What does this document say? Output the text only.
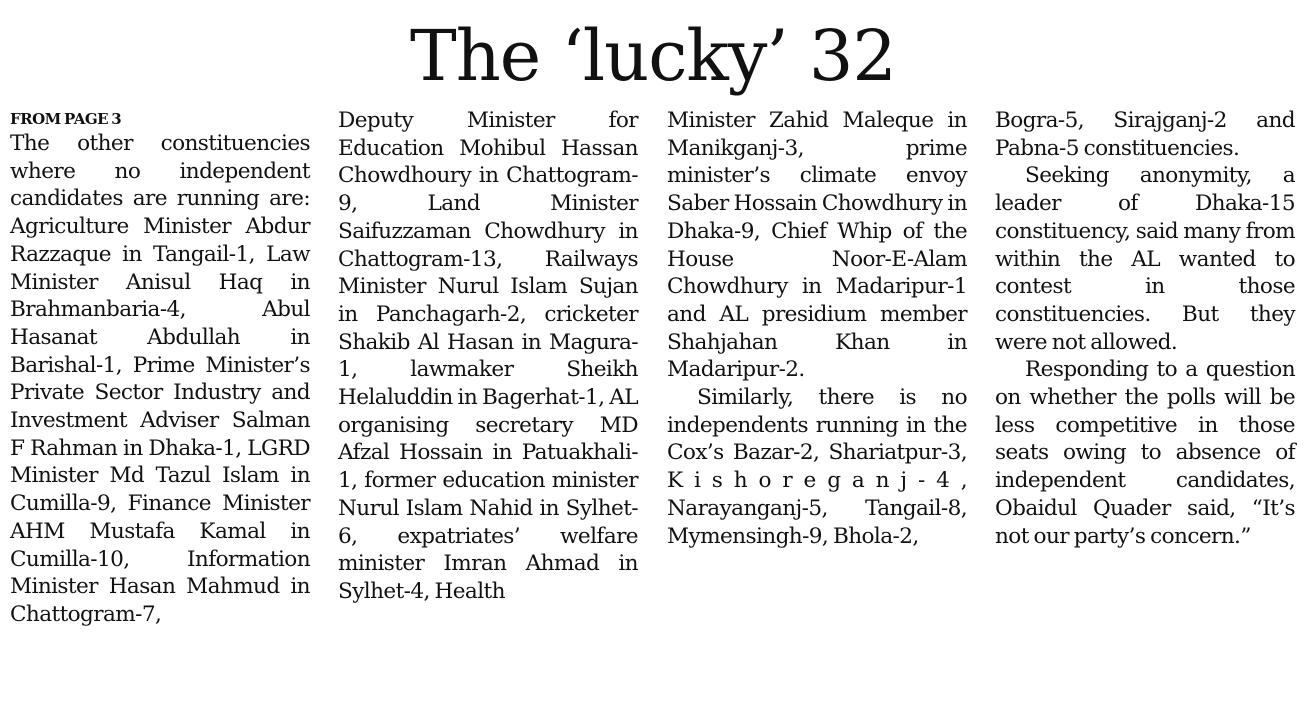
The ‘lucky’ 32
FROM PAGE 3

The other constituencies where no independent candidates are running are: Agriculture Minister Abdur Razzaque in Tangail-1, Law Minister Anisul Haq in Brahmanbaria-4, Abul Hasanat Abdullah in Barishal-1, Prime Minister’s Private Sector Industry and Investment Adviser Salman F Rahman in Dhaka-1, LGRD Minister Md Tazul Islam in Cumilla-9, Finance Minister AHM Mustafa Kamal in Cumilla-10, Information Minister Hasan Mahmud in Chattogram-7,

Deputy Minister for Education Mohibul Hassan Chowdhoury in Chattogram-9, Land Minister Saifuzzaman Chowdhury in Chattogram-13, Railways Minister Nurul Islam Sujan in Panchagarh-2, cricketer Shakib Al Hasan in Magura-1, lawmaker Sheikh Helaluddin in Bagerhat-1, AL organising secretary MD Afzal Hossain in Patuakhali-1, former education minister Nurul Islam Nahid in Sylhet-6, expatriates’ welfare minister Imran Ahmad in Sylhet-4, Health

Minister Zahid Maleque in Manikganj-3, prime minister’s climate envoy Saber Hossain Chowdhury in Dhaka-9, Chief Whip of the House Noor-E-Alam Chowdhury in Madaripur-1 and AL presidium member Shahjahan Khan in Madaripur-2.

Similarly, there is no independents running in the Cox’s Bazar-2, Shariatpur-3, K i s h o r e g a n j - 4 , Narayanganj-5, Tangail-8, Mymensingh-9, Bhola-2,

Bogra-5, Sirajganj-2 and Pabna-5 constituencies.

Seeking anonymity, a leader of Dhaka-15 constituency, said many from within the AL wanted to contest in those constituencies. But they were not allowed.

Responding to a question on whether the polls will be less competitive in those seats owing to absence of independent candidates, Obaidul Quader said, “It’s not our party’s concern.”
